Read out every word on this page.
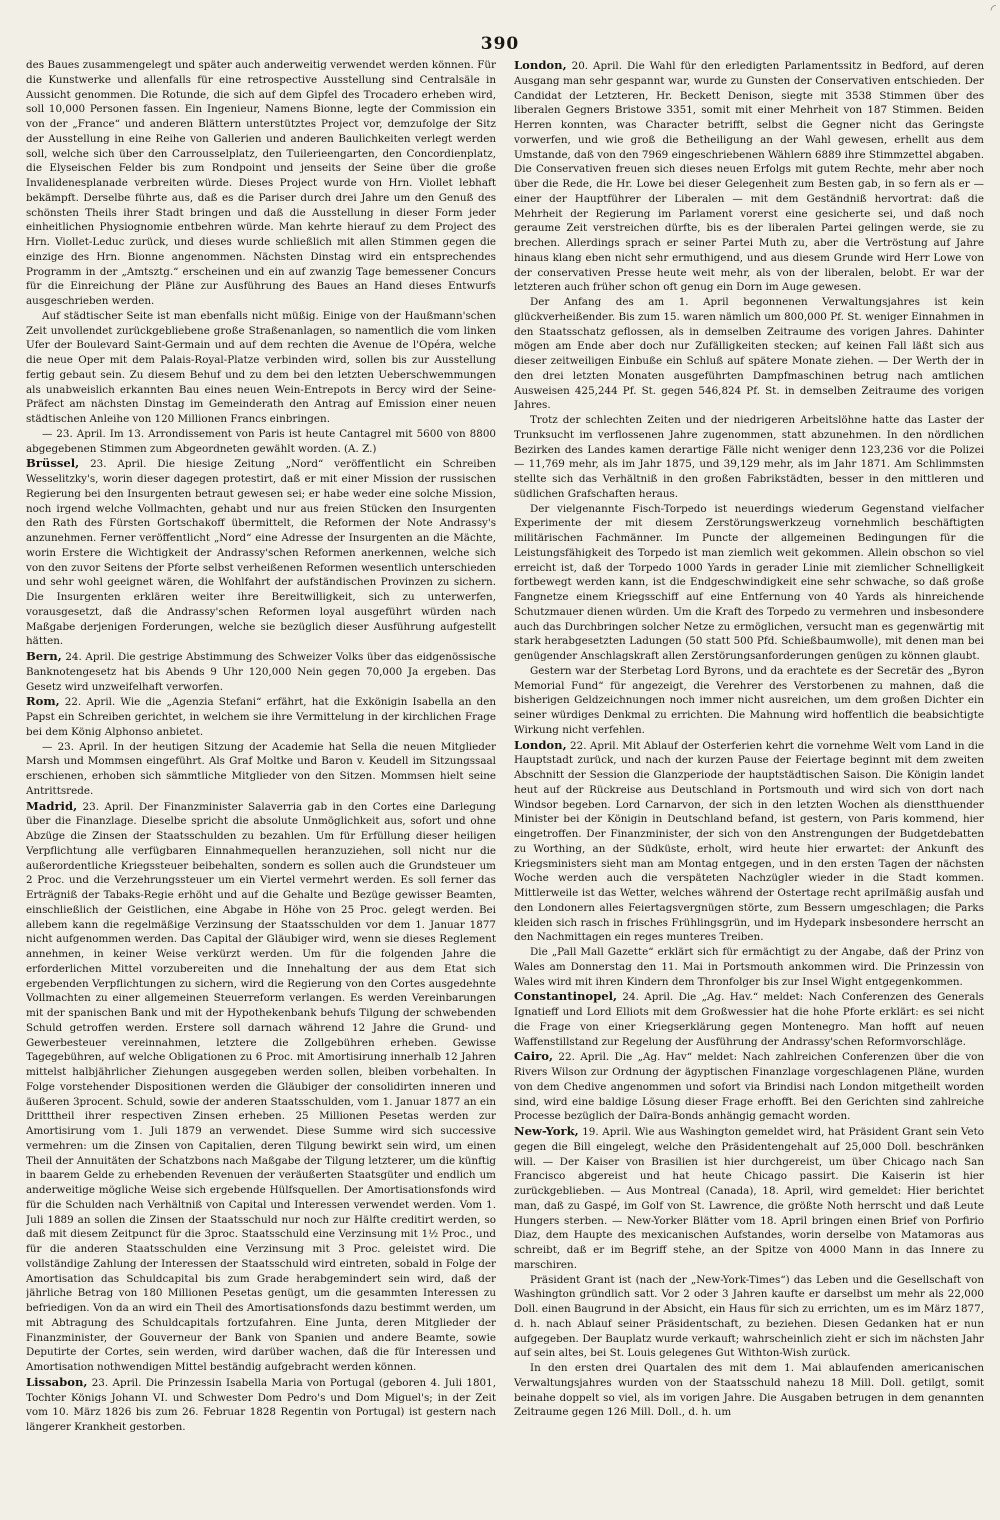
◜
390

des Baues zusammengelegt und später auch anderweitig verwendet werden können. Für die Kunstwerke und allenfalls für eine retrospective Ausstellung sind Centralsäle in Aussicht genommen. Die Rotunde, die sich auf dem Gipfel des Trocadero erheben wird, soll 10,000 Personen fassen. Ein Ingenieur, Namens Bionne, legte der Commission ein von der „France“ und anderen Blättern unterstütztes Project vor, demzufolge der Sitz der Ausstellung in eine Reihe von Gallerien und anderen Baulichkeiten verlegt werden soll, welche sich über den Carrousselplatz, den Tuilerieengarten, den Concordienplatz, die Elyseischen Felder bis zum Rondpoint und jenseits der Seine über die große Invalidenesplanade verbreiten würde. Dieses Project wurde von Hrn. Viollet lebhaft bekämpft. Derselbe führte aus, daß es die Pariser durch drei Jahre um den Genuß des schönsten Theils ihrer Stadt bringen und daß die Ausstellung in dieser Form jeder einheitlichen Physiognomie entbehren würde. Man kehrte hierauf zu dem Project des Hrn. Viollet-Leduc zurück, und dieses wurde schließlich mit allen Stimmen gegen die einzige des Hrn. Bionne angenommen. Nächsten Dinstag wird ein entsprechendes Programm in der „Amtsztg.“ erscheinen und ein auf zwanzig Tage bemessener Concurs für die Einreichung der Pläne zur Ausführung des Baues an Hand dieses Entwurfs ausgeschrieben werden.

Auf städtischer Seite ist man ebenfalls nicht müßig. Einige von der Haußmann'schen Zeit unvollendet zurückgebliebene große Straßenanlagen, so namentlich die vom linken Ufer der Boulevard Saint-Germain und auf dem rechten die Avenue de l'Opéra, welche die neue Oper mit dem Palais-Royal-Platze verbinden wird, sollen bis zur Ausstellung fertig gebaut sein. Zu diesem Behuf und zu dem bei den letzten Ueberschwemmungen als unabweislich erkannten Bau eines neuen Wein-Entrepots in Bercy wird der Seine-Präfect am nächsten Dinstag im Gemeinderath den Antrag auf Emission einer neuen städtischen Anleihe von 120 Millionen Francs einbringen.

— 23. April. Im 13. Arrondissement von Paris ist heute Cantagrel mit 5600 von 8800 abgegebenen Stimmen zum Abgeordneten gewählt worden. (A. Z.)

Brüssel, 23. April. Die hiesige Zeitung „Nord“ veröffentlicht ein Schreiben Wesselitzky's, worin dieser dagegen protestirt, daß er mit einer Mission der russischen Regierung bei den Insurgenten betraut gewesen sei; er habe weder eine solche Mission, noch irgend welche Vollmachten, gehabt und nur aus freien Stücken den Insurgenten den Rath des Fürsten Gortschakoff übermittelt, die Reformen der Note Andrassy's anzunehmen. Ferner veröffentlicht „Nord“ eine Adresse der Insurgenten an die Mächte, worin Erstere die Wichtigkeit der Andrassy'schen Reformen anerkennen, welche sich von den zuvor Seitens der Pforte selbst verheißenen Reformen wesentlich unterschieden und sehr wohl geeignet wären, die Wohlfahrt der aufständischen Provinzen zu sichern. Die Insurgenten erklären weiter ihre Bereitwilligkeit, sich zu unterwerfen, vorausgesetzt, daß die Andrassy'schen Reformen loyal ausgeführt würden nach Maßgabe derjenigen Forderungen, welche sie bezüglich dieser Ausführung aufgestellt hätten.

Bern, 24. April. Die gestrige Abstimmung des Schweizer Volks über das eidgenössische Banknotengesetz hat bis Abends 9 Uhr 120,000 Nein gegen 70,000 Ja ergeben. Das Gesetz wird unzweifelhaft verworfen.

Rom, 22. April. Wie die „Agenzia Stefani“ erfährt, hat die Exkönigin Isabella an den Papst ein Schreiben gerichtet, in welchem sie ihre Vermittelung in der kirchlichen Frage bei dem König Alphonso anbietet.

— 23. April. In der heutigen Sitzung der Academie hat Sella die neuen Mitglieder Marsh und Mommsen eingeführt. Als Graf Moltke und Baron v. Keudell im Sitzungssaal erschienen, erhoben sich sämmtliche Mitglieder von den Sitzen. Mommsen hielt seine Antrittsrede.

Madrid, 23. April. Der Finanzminister Salaverria gab in den Cortes eine Darlegung über die Finanzlage. Dieselbe spricht die absolute Unmöglichkeit aus, sofort und ohne Abzüge die Zinsen der Staatsschulden zu bezahlen. Um für Erfüllung dieser heiligen Verpflichtung alle verfügbaren Einnahmequellen heranzuziehen, soll nicht nur die außerordentliche Kriegssteuer beibehalten, sondern es sollen auch die Grundsteuer um 2 Proc. und die Verzehrungssteuer um ein Viertel vermehrt werden. Es soll ferner das Erträgniß der Tabaks-Regie erhöht und auf die Gehalte und Bezüge gewisser Beamten, einschließlich der Geistlichen, eine Abgabe in Höhe von 25 Proc. gelegt werden. Bei allebem kann die regelmäßige Verzinsung der Staatsschulden vor dem 1. Januar 1877 nicht aufgenommen werden. Das Capital der Gläubiger wird, wenn sie dieses Reglement annehmen, in keiner Weise verkürzt werden. Um für die folgenden Jahre die erforderlichen Mittel vorzubereiten und die Innehaltung der aus dem Etat sich ergebenden Verpflichtungen zu sichern, wird die Regierung von den Cortes ausgedehnte Vollmachten zu einer allgemeinen Steuerreform verlangen. Es werden Vereinbarungen mit der spanischen Bank und mit der Hypothekenbank behufs Tilgung der schwebenden Schuld getroffen werden. Erstere soll darnach während 12 Jahre die Grund- und Gewerbesteuer vereinnahmen, letztere die Zollgebühren erheben. Gewisse Tagegebühren, auf welche Obligationen zu 6 Proc. mit Amortisirung innerhalb 12 Jahren mittelst halbjährlicher Ziehungen ausgegeben werden sollen, bleiben vorbehalten. In Folge vorstehender Dispositionen werden die Gläubiger der consolidirten inneren und äußeren 3procent. Schuld, sowie der anderen Staatsschulden, vom 1. Januar 1877 an ein Dritttheil ihrer respectiven Zinsen erheben. 25 Millionen Pesetas werden zur Amortisirung vom 1. Juli 1879 an verwendet. Diese Summe wird sich successive vermehren: um die Zinsen von Capitalien, deren Tilgung bewirkt sein wird, um einen Theil der Annuitäten der Schatzbons nach Maßgabe der Tilgung letzterer, um die künftig in baarem Gelde zu erhebenden Revenuen der veräußerten Staatsgüter und endlich um anderweitige mögliche Weise sich ergebende Hülfsquellen. Der Amortisationsfonds wird für die Schulden nach Verhältniß von Capital und Interessen verwendet werden. Vom 1. Juli 1889 an sollen die Zinsen der Staatsschuld nur noch zur Hälfte creditirt werden, so daß mit diesem Zeitpunct für die 3proc. Staatsschuld eine Verzinsung mit 1½ Proc., und für die anderen Staatsschulden eine Verzinsung mit 3 Proc. geleistet wird. Die vollständige Zahlung der Interessen der Staatsschuld wird eintreten, sobald in Folge der Amortisation das Schuldcapital bis zum Grade herabgemindert sein wird, daß der jährliche Betrag von 180 Millionen Pesetas genügt, um die gesammten Interessen zu befriedigen. Von da an wird ein Theil des Amortisationsfonds dazu bestimmt werden, um mit Abtragung des Schuldcapitals fortzufahren. Eine Junta, deren Mitglieder der Finanzminister, der Gouverneur der Bank von Spanien und andere Beamte, sowie Deputirte der Cortes, sein werden, wird darüber wachen, daß die für Interessen und Amortisation nothwendigen Mittel beständig aufgebracht werden können.

Lissabon, 23. April. Die Prinzessin Isabella Maria von Portugal (geboren 4. Juli 1801, Tochter Königs Johann VI. und Schwester Dom Pedro's und Dom Miguel's; in der Zeit vom 10. März 1826 bis zum 26. Februar 1828 Regentin von Portugal) ist gestern nach längerer Krankheit gestorben.

London, 20. April. Die Wahl für den erledigten Parlamentssitz in Bedford, auf deren Ausgang man sehr gespannt war, wurde zu Gunsten der Conservativen entschieden. Der Candidat der Letzteren, Hr. Beckett Denison, siegte mit 3538 Stimmen über des liberalen Gegners Bristowe 3351, somit mit einer Mehrheit von 187 Stimmen. Beiden Herren konnten, was Character betrifft, selbst die Gegner nicht das Geringste vorwerfen, und wie groß die Betheiligung an der Wahl gewesen, erhellt aus dem Umstande, daß von den 7969 eingeschriebenen Wählern 6889 ihre Stimmzettel abgaben. Die Conservativen freuen sich dieses neuen Erfolgs mit gutem Rechte, mehr aber noch über die Rede, die Hr. Lowe bei dieser Gelegenheit zum Besten gab, in so fern als er — einer der Hauptführer der Liberalen — mit dem Geständniß hervortrat: daß die Mehrheit der Regierung im Parlament vorerst eine gesicherte sei, und daß noch geraume Zeit verstreichen dürfte, bis es der liberalen Partei gelingen werde, sie zu brechen. Allerdings sprach er seiner Partei Muth zu, aber die Vertröstung auf Jahre hinaus klang eben nicht sehr ermuthigend, und aus diesem Grunde wird Herr Lowe von der conservativen Presse heute weit mehr, als von der liberalen, belobt. Er war der letzteren auch früher schon oft genug ein Dorn im Auge gewesen.

Der Anfang des am 1. April begonnenen Verwaltungsjahres ist kein glückverheißender. Bis zum 15. waren nämlich um 800,000 Pf. St. weniger Einnahmen in den Staatsschatz geflossen, als in demselben Zeitraume des vorigen Jahres. Dahinter mögen am Ende aber doch nur Zufälligkeiten stecken; auf keinen Fall läßt sich aus dieser zeitweiligen Einbuße ein Schluß auf spätere Monate ziehen. — Der Werth der in den drei letzten Monaten ausgeführten Dampfmaschinen betrug nach amtlichen Ausweisen 425,244 Pf. St. gegen 546,824 Pf. St. in demselben Zeitraume des vorigen Jahres.

Trotz der schlechten Zeiten und der niedrigeren Arbeitslöhne hatte das Laster der Trunksucht im verflossenen Jahre zugenommen, statt abzunehmen. In den nördlichen Bezirken des Landes kamen derartige Fälle nicht weniger denn 123,236 vor die Polizei — 11,769 mehr, als im Jahr 1875, und 39,129 mehr, als im Jahr 1871. Am Schlimmsten stellte sich das Verhältniß in den großen Fabrikstädten, besser in den mittleren und südlichen Grafschaften heraus.

Der vielgenannte Fisch-Torpedo ist neuerdings wiederum Gegenstand vielfacher Experimente der mit diesem Zerstörungswerkzeug vornehmlich beschäftigten militärischen Fachmänner. Im Puncte der allgemeinen Bedingungen für die Leistungsfähigkeit des Torpedo ist man ziemlich weit gekommen. Allein obschon so viel erreicht ist, daß der Torpedo 1000 Yards in gerader Linie mit ziemlicher Schnelligkeit fortbewegt werden kann, ist die Endgeschwindigkeit eine sehr schwache, so daß große Fangnetze einem Kriegsschiff auf eine Entfernung von 40 Yards als hinreichende Schutzmauer dienen würden. Um die Kraft des Torpedo zu vermehren und insbesondere auch das Durchbringen solcher Netze zu ermöglichen, versucht man es gegenwärtig mit stark herabgesetzten Ladungen (50 statt 500 Pfd. Schießbaumwolle), mit denen man bei genügender Anschlagskraft allen Zerstörungsanforderungen genügen zu können glaubt.

Gestern war der Sterbetag Lord Byrons, und da erachtete es der Secretär des „Byron Memorial Fund“ für angezeigt, die Verehrer des Verstorbenen zu mahnen, daß die bisherigen Geldzeichnungen noch immer nicht ausreichen, um dem großen Dichter ein seiner würdiges Denkmal zu errichten. Die Mahnung wird hoffentlich die beabsichtigte Wirkung nicht verfehlen.

London, 22. April. Mit Ablauf der Osterferien kehrt die vornehme Welt vom Land in die Hauptstadt zurück, und nach der kurzen Pause der Feiertage beginnt mit dem zweiten Abschnitt der Session die Glanzperiode der hauptstädtischen Saison. Die Königin landet heut auf der Rückreise aus Deutschland in Portsmouth und wird sich von dort nach Windsor begeben. Lord Carnarvon, der sich in den letzten Wochen als dienstthuender Minister bei der Königin in Deutschland befand, ist gestern, von Paris kommend, hier eingetroffen. Der Finanzminister, der sich von den Anstrengungen der Budgetdebatten zu Worthing, an der Südküste, erholt, wird heute hier erwartet: der Ankunft des Kriegsministers sieht man am Montag entgegen, und in den ersten Tagen der nächsten Woche werden auch die verspäteten Nachzügler wieder in die Stadt kommen. Mittlerweile ist das Wetter, welches während der Ostertage recht apriImäßig ausfah und den Londonern alles Feiertagsvergnügen störte, zum Bessern umgeschlagen; die Parks kleiden sich rasch in frisches Frühlingsgrün, und im Hydepark insbesondere herrscht an den Nachmittagen ein reges munteres Treiben.

Die „Pall Mall Gazette“ erklärt sich für ermächtigt zu der Angabe, daß der Prinz von Wales am Donnerstag den 11. Mai in Portsmouth ankommen wird. Die Prinzessin von Wales wird mit ihren Kindern dem Thronfolger bis zur Insel Wight entgegenkommen.

Constantinopel, 24. April. Die „Ag. Hav.“ meldet: Nach Conferenzen des Generals Ignatieff und Lord Elliots mit dem Großwessier hat die hohe Pforte erklärt: es sei nicht die Frage von einer Kriegserklärung gegen Montenegro. Man hofft auf neuen Waffenstillstand zur Regelung der Ausführung der Andrassy'schen Reformvorschläge.

Cairo, 22. April. Die „Ag. Hav“ meldet: Nach zahlreichen Conferenzen über die von Rivers Wilson zur Ordnung der ägyptischen Finanzlage vorgeschlagenen Pläne, wurden von dem Chedive angenommen und sofort via Brindisi nach London mitgetheilt worden sind, wird eine baldige Lösung dieser Frage erhofft. Bei den Gerichten sind zahlreiche Processe bezüglich der Daïra-Bonds anhängig gemacht worden.

New-York, 19. April. Wie aus Washington gemeldet wird, hat Präsident Grant sein Veto gegen die Bill eingelegt, welche den Präsidentengehalt auf 25,000 Doll. beschränken will. — Der Kaiser von Brasilien ist hier durchgereist, um über Chicago nach San Francisco abgereist und hat heute Chicago passirt. Die Kaiserin ist hier zurückgeblieben. — Aus Montreal (Canada), 18. April, wird gemeldet: Hier berichtet man, daß zu Gaspé, im Golf von St. Lawrence, die größte Noth herrscht und daß Leute Hungers sterben. — New-Yorker Blätter vom 18. April bringen einen Brief von Porfirio Diaz, dem Haupte des mexicanischen Aufstandes, worin derselbe von Matamoras aus schreibt, daß er im Begriff stehe, an der Spitze von 4000 Mann in das Innere zu marschiren.

Präsident Grant ist (nach der „New-York-Times“) das Leben und die Gesellschaft von Washington gründlich satt. Vor 2 oder 3 Jahren kaufte er darselbst um mehr als 22,000 Doll. einen Baugrund in der Absicht, ein Haus für sich zu errichten, um es im März 1877, d. h. nach Ablauf seiner Präsidentschaft, zu beziehen. Diesen Gedanken hat er nun aufgegeben. Der Bauplatz wurde verkauft; wahrscheinlich zieht er sich im nächsten Jahr auf sein altes, bei St. Louis gelegenes Gut Withton-Wish zurück.

In den ersten drei Quartalen des mit dem 1. Mai ablaufenden americanischen Verwaltungsjahres wurden von der Staatsschuld nahezu 18 Mill. Doll. getilgt, somit beinahe doppelt so viel, als im vorigen Jahre. Die Ausgaben betrugen in dem genannten Zeitraume gegen 126 Mill. Doll., d. h. um
